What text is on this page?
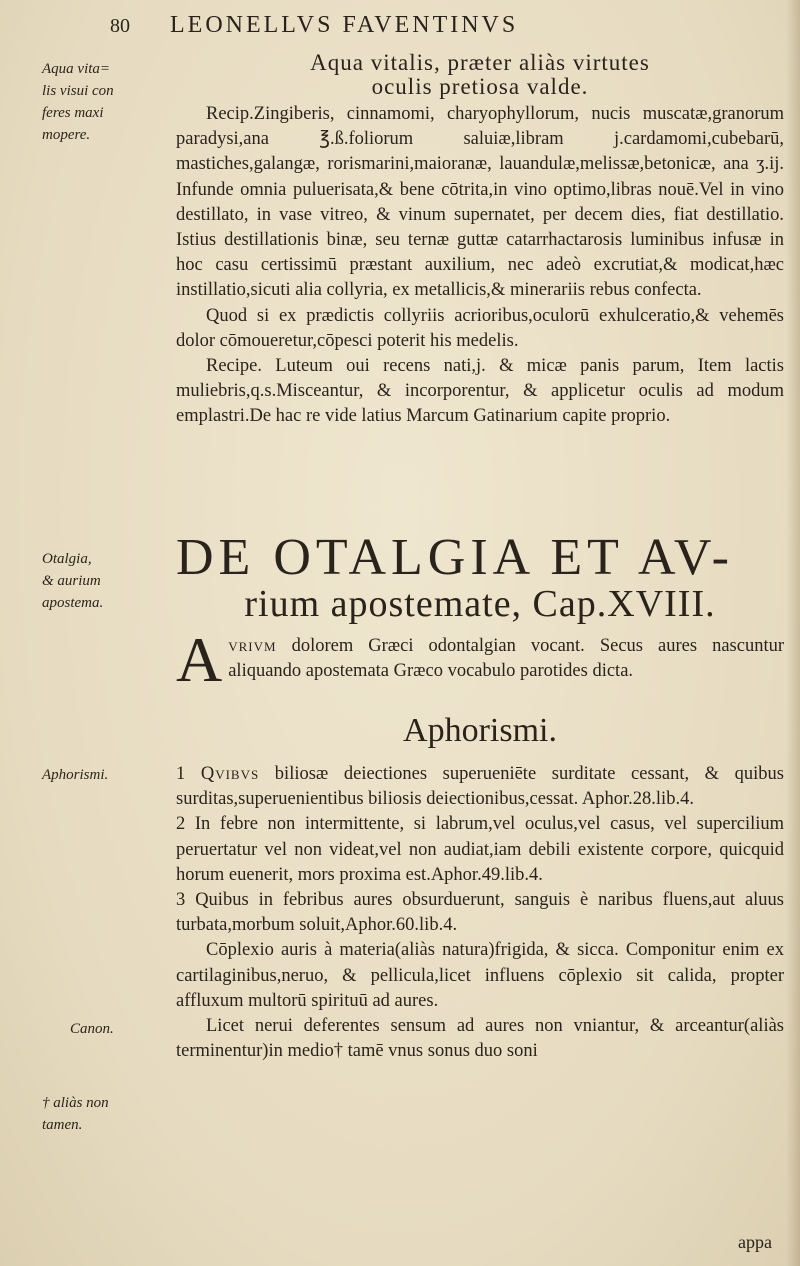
80	LEONELLVS FAVENTINVS
Aqua vita=
lis visui con
feres maxi
mopere.
Otalgia,
& aurium
apostema.
Aphorismi.
Canon.
† aliàs non
tamen.
Aqua vitalis, præter aliàs virtutes
oculis pretiosa valde.

Recip.Zingiberis, cinnamomi, charyophyllorum, nucis muscatæ,granorum paradysi,ana ℥.ß.foliorum saluiæ,libram j.cardamomi,cubebarū, mastiches,galangæ, rorismarini,maioranæ, lauandulæ,melissæ,betonicæ, ana ʒ.ij. Infunde omnia puluerisata,& bene cōtrita,in vino optimo,libras nouē.Vel in vino destillato, in vase vitreo, & vinum supernatet, per decem dies, fiat destillatio. Istius destillationis binæ, seu ternæ guttæ catarrhactarosis luminibus infusæ in hoc casu certissimū præstant auxilium, nec adeò excrutiat,& modicat,hæc instillatio,sicuti alia collyria, ex metallicis,& minerariis rebus confecta.

Quod si ex prædictis collyriis acrioribus,oculorū exhulceratio,& vehemēs dolor cōmoueretur,cōpesci poterit his medelis.

Recipe. Luteum oui recens nati,j. & micæ panis parum, Item lactis muliebris,q.s.Misceantur, & incorporentur, & applicetur oculis ad modum emplastri.De hac re vide latius Marcum Gatinarium capite proprio.

DE OTALGIA ET AV-
rium apostemate, Cap.XVIII.

Avrivm dolorem Græci odontalgian vocant. Secus aures nascuntur aliquando apostemata Græco vocabulo parotides dicta.

Aphorismi.

1 Qvibvs biliosæ deiectiones superueniēte surditate cessant, & quibus surditas,superuenientibus biliosis deiectionibus,cessat. Aphor.28.lib.4.

2 In febre non intermittente, si labrum,vel oculus,vel casus, vel supercilium peruertatur vel non videat,vel non audiat,iam debili existente corpore, quicquid horum euenerit, mors proxima est.Aphor.49.lib.4.

3 Quibus in febribus aures obsurduerunt, sanguis è naribus fluens,aut aluus turbata,morbum soluit,Aphor.60.lib.4.

Cōplexio auris à materia(aliàs natura)frigida, & sicca. Componitur enim ex cartilaginibus,neruo, & pellicula,licet influens cōplexio sit calida, propter affluxum multorū spirituū ad aures.

Licet nerui deferentes sensum ad aures non vniantur, & arceantur(aliàs terminentur)in medio† tamē vnus sonus duo soni

appa
